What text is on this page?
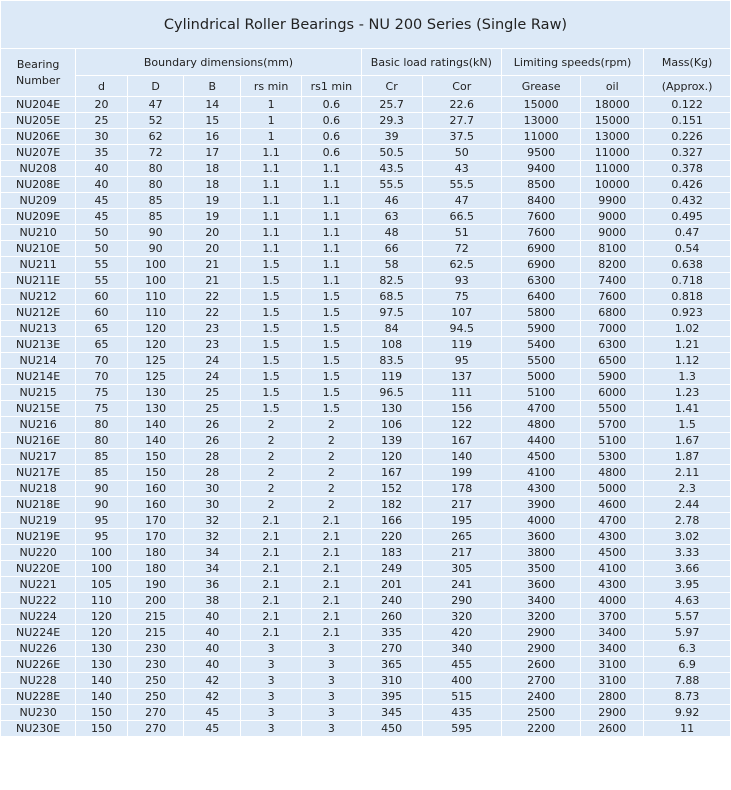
Cylindrical Roller Bearings - NU 200 Series (Single Raw)										
Bearing Number	Boundary dimensions(mm)					Basic load ratings(kN)		Limiting speeds(rpm)		Mass(Kg)
	d	D	B	rs min	rs1 min	Cr	Cor	Grease	oil	(Approx.)
NU204E	20	47	14	1	0.6	25.7	22.6	15000	18000	0.122
NU205E	25	52	15	1	0.6	29.3	27.7	13000	15000	0.151
NU206E	30	62	16	1	0.6	39	37.5	11000	13000	0.226
NU207E	35	72	17	1.1	0.6	50.5	50	9500	11000	0.327
NU208	40	80	18	1.1	1.1	43.5	43	9400	11000	0.378
NU208E	40	80	18	1.1	1.1	55.5	55.5	8500	10000	0.426
NU209	45	85	19	1.1	1.1	46	47	8400	9900	0.432
NU209E	45	85	19	1.1	1.1	63	66.5	7600	9000	0.495
NU210	50	90	20	1.1	1.1	48	51	7600	9000	0.47
NU210E	50	90	20	1.1	1.1	66	72	6900	8100	0.54
NU211	55	100	21	1.5	1.1	58	62.5	6900	8200	0.638
NU211E	55	100	21	1.5	1.1	82.5	93	6300	7400	0.718
NU212	60	110	22	1.5	1.5	68.5	75	6400	7600	0.818
NU212E	60	110	22	1.5	1.5	97.5	107	5800	6800	0.923
NU213	65	120	23	1.5	1.5	84	94.5	5900	7000	1.02
NU213E	65	120	23	1.5	1.5	108	119	5400	6300	1.21
NU214	70	125	24	1.5	1.5	83.5	95	5500	6500	1.12
NU214E	70	125	24	1.5	1.5	119	137	5000	5900	1.3
NU215	75	130	25	1.5	1.5	96.5	111	5100	6000	1.23
NU215E	75	130	25	1.5	1.5	130	156	4700	5500	1.41
NU216	80	140	26	2	2	106	122	4800	5700	1.5
NU216E	80	140	26	2	2	139	167	4400	5100	1.67
NU217	85	150	28	2	2	120	140	4500	5300	1.87
NU217E	85	150	28	2	2	167	199	4100	4800	2.11
NU218	90	160	30	2	2	152	178	4300	5000	2.3
NU218E	90	160	30	2	2	182	217	3900	4600	2.44
NU219	95	170	32	2.1	2.1	166	195	4000	4700	2.78
NU219E	95	170	32	2.1	2.1	220	265	3600	4300	3.02
NU220	100	180	34	2.1	2.1	183	217	3800	4500	3.33
NU220E	100	180	34	2.1	2.1	249	305	3500	4100	3.66
NU221	105	190	36	2.1	2.1	201	241	3600	4300	3.95
NU222	110	200	38	2.1	2.1	240	290	3400	4000	4.63
NU224	120	215	40	2.1	2.1	260	320	3200	3700	5.57
NU224E	120	215	40	2.1	2.1	335	420	2900	3400	5.97
NU226	130	230	40	3	3	270	340	2900	3400	6.3
NU226E	130	230	40	3	3	365	455	2600	3100	6.9
NU228	140	250	42	3	3	310	400	2700	3100	7.88
NU228E	140	250	42	3	3	395	515	2400	2800	8.73
NU230	150	270	45	3	3	345	435	2500	2900	9.92
NU230E	150	270	45	3	3	450	595	2200	2600	11
